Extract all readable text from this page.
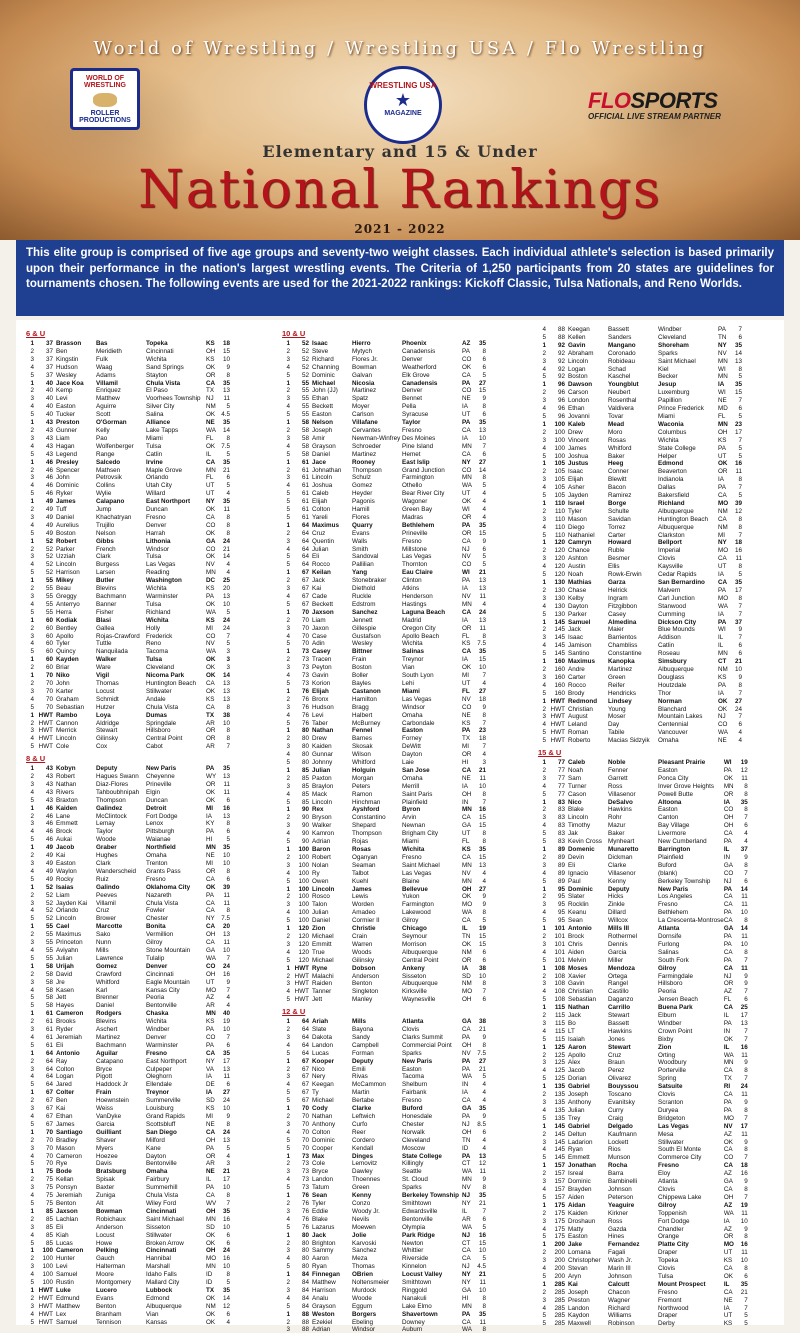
World of Wrestling / Wrestling USA / Flo Wrestling
WORLD OF WRESTLING
ROLLER PRODUCTIONS
WRESTLING USA
★
MAGAZINE
FLOSPORTS
OFFICIAL LIVE STREAM PARTNER
Elementary and 15 & Under
National Rankings
2021 - 2022

This elite group is comprised of five age groups and seventy-two weight classes. Each individual athlete's selection is based primarily upon their performance in the nation's largest wrestling events. The Criteria of 1,250 participants from 20 states are guidelines for tournaments chosen. The following events are used for the 2021-2022 rankings: Kickoff Classic, Tulsa Nationals, and Reno Worlds.

6 & U
1	37	Brasson	Bas	Topeka	KS	18
2	37	Ben	Meridieth	Cincinnati	OH	15
3	37	Kingstin	Fulk	Wichita	KS	10
4	37	Hudson	Waag	Sand Springs	OK	9
5	37	Wesley	Adams	Stayton	OR	8
1	40	Jace Koa	Villamil	Chula Vista	CA	35
2	40	Kemp	Enriquez	El Paso	TX	13
3	40	Levi	Matthew	Voorhees Township	NJ	11
4	40	Easton	Aguirre	Silver City	NM	5
5	40	Tucker	Scott	Salina	OK	4.5
1	43	Preston	O'Gorman	Alliance	NE	35
2	43	Gunner	Kelly	Lake Tapps	WA	14
3	43	Liam	Pao	Miami	FL	8
4	43	Hagan	Wolfenberger	Tulsa	OK	7.5
5	43	Legend	Range	Catlin	IL	5
1	46	Presley	Salcedo	Irvine	CA	35
2	46	Spencer	Mathsen	Maple Grove	MN	21
3	46	John	Petrovsik	Orlando	FL	6
4	46	Dominic	Collins	Utah City	UT	5
5	46	Ryker	Wylie	Willard	UT	4
1	49	James	Calapano	East Northport	NY	35
2	49	Tuff	Jump	Duncan	OK	11
3	49	Daniel	Khachatryan	Fresno	CA	8
4	49	Aurelius	Trujillo	Denver	CO	8
5	49	Boston	Nelson	Harrah	OK	8
1	52	Robert	Gibbs	Lithonia	GA	24
2	52	Parker	French	Windsor	CO	21
3	52	Uzziah	Clark	Tulsa	OK	14
4	52	Lincoln	Burgess	Las Vegas	NV	4
5	52	Harrison	Larsen	Reading	MN	4
1	55	Mikey	Butler	Washington	DC	25
2	55	Beau	Blevins	Wichita	KS	20
3	55	Greggy	Bachmann	Warminster	PA	13
4	55	Anterryo	Banner	Tulsa	OK	10
5	55	Herra	Fisher	Richland	WA	5
1	60	Kodiak	Blasi	Wichita	KS	24
2	60	Bentley	Gallea	Holly	MI	24
3	60	Apollo	Rojas-Crawford	Frederick	CO	7
4	60	Tyler	Tuttle	Reno	NV	5
5	60	Quincy	Nanquilada	Tacoma	WA	3
1	60	Kayden	Walker	Tulsa	OK	3
2	60	Briar	Ware	Cleveland	OK	3
1	70	Niko	Vigil	Nicoma Park	OK	14
2	70	John	Thomas	Huntington Beach	CA	13
3	70	Karter	Locust	Stillwater	OK	13
4	70	Graham	Schmidt	Andale	KS	13
5	70	Sebastian	Hutzer	Chula Vista	CA	8
1	HWT	Rambo	Loya	Dumas	TX	38
2	HWT	Cannon	Aldridge	Springdale	AR	10
3	HWT	Merrick	Stewart	Hillsboro	OR	8
4	HWT	Lincoln	Gilinsky	Central Point	OR	8
5	HWT	Cole	Cox	Cabot	AR	7
8 & U
1	43	Kobyn	Deputy	New Paris	PA	35
2	43	Robert	Hagues Swann	Cheyenne	WY	13
3	43	Nathan	Diaz-Flores	Prineville	OR	11
4	43	Rivers	Tahboubhnipah	Elgin	OK	11
5	43	Braxton	Thompson	Duncan	OK	6
1	46	Kaiden	Galindez	Detroit	MI	16
2	46	Lane	McClintock	Fort Dodge	IA	13
3	46	Emmett	Lemay	Lenox	KY	8
4	46	Brock	Taylor	Pittsburgh	PA	6
5	46	Aukai	Woode	Waianae	HI	5
1	49	Jacob	Graber	Northfield	MN	35
2	49	Kai	Hughes	Omaha	NE	10
3	49	Easton	Clark	Trenton	MI	10
4	49	Waylon	Wanderscheid	Grants Pass	OR	8
5	49	Rocky	Ruiz	Fresno	CA	6
1	52	Isaias	Galindo	Oklahoma City	OK	39
2	52	Liam	Peeves	Nazareth	PA	11
3	52	Jayden Kai	Villamil	Chula Vista	CA	11
4	52	Orlando	Cruz	Fowler	CA	8
5	52	Lincoln	Brower	Chester	NY	7.5
1	55	Cael	Marcotte	Bonita	CA	20
2	55	Maximus	Sako	Vermillion	OH	13
3	55	Princeton	Nunn	Gilroy	CA	11
4	55	Aviyahn	Mills	Stone Mountain	GA	10
5	55	Julian	Lawrence	Tulalip	WA	7
1	58	Urijah	Gomez	Denver	CO	24
2	58	David	Crawford	Cincinnati	OH	16
3	58	Jre	Whitford	Eagle Mountain	UT	9
4	58	Kasen	Karl	Kansas City	MO	7
5	58	Jett	Brenner	Peoria	AZ	4
5	58	Hayes	Daniel	Bentonville	AR	4
1	61	Cameron	Rodgers	Chaska	MN	40
2	61	Brooks	Blevins	Wichita	KS	19
3	61	Ryder	Aschert	Windber	PA	10
4	61	Jeremiah	Martinez	Denver	CO	7
5	61	Eli	Bachmann	Warminster	PA	6
1	64	Antonio	Aguilar	Fresno	CA	35
2	64	Ray	Catapano	East Northport	NY	17
3	64	Colton	Bryce	Culpeper	VA	13
4	64	Logan	Pigott	Oleghorn	IA	11
5	64	Jared	Haddock Jr	Ellendale	DE	6
1	67	Colter	Frain	Treynor	IA	27
2	67	Ben	Hoewnstein	Summerville	SD	24
3	67	Kai	Weiss	Louisburg	KS	10
4	67	Ethan	VanDyke	Grand Rapids	MI	9
5	67	James	Garcia	Scottsbluff	NE	8
1	70	Santiago	Guilliant	San Diego	CA	24
2	70	Bradley	Shaver	Milford	OH	13
3	70	Mason	Myers	Kane	PA	5
4	70	Cameron	Hoezee	Dayton	OR	4
5	70	Rye	Davis	Bentonville	AR	3
1	75	Bode	Bratsburg	Omaha	NE	21
2	75	Kellan	Spisak	Fairbury	IL	17
3	75	Ponsyn	Baxter	Summerhill	PA	10
4	75	Jeremiah	Zuniga	Chula Vista	CA	8
5	75	Benton	Alt	Wiley Ford	WV	7
1	85	Jaxson	Bowman	Cincinnati	OH	35
2	85	Lachlan	Robichaux	Saint Michael	MN	16
3	85	Eli	Anderson	Sisseton	SD	10
4	85	Kiah	Locust	Stillwater	OK	6
5	85	Lucas	Howe	Broken Arrow	OK	6
1	100	Cameron	Pelking	Cincinnati	OH	24
2	100	Hunter	Gauch	Hannibal	MO	16
3	100	Levi	Halterman	Marshall	MN	10
4	100	Samuel	Moore	Idaho Falls	ID	8
5	100	Rustin	Montgomery	Mallard City	ID	5
1	HWT	Luke	Lucero	Lubbock	TX	35
2	HWT	Edmund	Evans	Edmond	OK	14
3	HWT	Matthew	Benton	Albuquerque	NM	12
4	HWT	Lex	Branham	Vian	OK	6
5	HWT	Samuel	Tennison	Kansas	OK	4
10 & U
1	52	Isaac	Hierro	Phoenix	AZ	35
2	52	Steve	Mytych	Canadensis	PA	8
3	52	Richard	Flores Jr.	Denver	CO	6
4	52	Channing	Bowman	Weatherford	OK	6
5	52	Dominic	Galvan	Elk Grove	CA	5
1	55	Michael	Nicosia	Canadensis	PA	27
2	55	John (JJ)	Martinez	Denver	CO	15
3	55	Ethan	Spatz	Bennet	NE	9
4	55	Beckett	Moyer	Pella	IA	8
5	55	Easton	Carlson	Syracuse	UT	6
1	58	Nelson	Villafane	Taylor	PA	35
2	58	Joseph	Cervantes	Fresno	CA	13
3	58	Amir	Newman-Winfrey	Des Moines	IA	10
4	58	Grayson	Schroeder	Pine Island	MN	7
5	58	Daniel	Martinez	Hemet	CA	6
1	61	Jace	Rooney	East Islip	NY	27
2	61	Johnathan	Thompson	Grand Junction	CO	14
3	61	Lincoln	Schulz	Farmington	MN	8
4	61	Joshua	Gomez	Othello	WA	5
5	61	Caleb	Heyder	Bear River City	UT	4
5	61	Elijah	Pagonis	Wagoner	OK	4
5	61	Colton	Hamill	Green Bay	WI	4
5	61	Yareli	Flores	Madras	OR	4
1	64	Maximus	Quarry	Bethlehem	PA	35
2	64	Cruz	Evans	Prineville	OR	15
3	64	Quentin	Walls	Fresno	CA	9
4	64	Julian	Smith	Millstone	NJ	6
5	64	Eli	Sandoval	Las Vegas	NV	5
5	64	Rocco	Pallilian	Thornton	CO	5
1	67	Keilan	Yang	Eau Claire	WI	21
2	67	Jack	Stonebraker	Clinton	PA	13
3	67	Kai	Diethold	Atkins	IA	13
4	67	Cade	Ruckle	Henderson	NV	11
5	67	Beckett	Edstrom	Hastings	MN	4
1	70	Jaxson	Sanchez	Laguna Beach	CA	24
2	70	Liam	Jennett	Madrid	IA	13
3	70	Jaxon	Gillespie	Oregon City	OR	11
4	70	Case	Gustafson	Apollo Beach	FL	8
5	70	Adin	Wesley	Wichita	KS	7.5
1	73	Casey	Bittner	Salinas	CA	35
2	73	Tracen	Frain	Treynor	IA	15
3	73	Peyton	Boston	Vian	OK	10
4	73	Gavin	Boller	South Lyon	MI	7
5	73	Korion	Bayles	Lehi	UT	4
1	76	Elijah	Castanon	Miami	FL	27
2	76	Bronx	Hamilton	Las Vegas	NV	18
3	76	Hudson	Bragg	Windsor	CO	9
4	76	Levi	Halbert	Omaha	NE	8
5	76	Taber	McBurney	Carbondale	KS	7
1	80	Nathan	Fennel	Easton	PA	23
2	80	Drew	Barnes	Forney	TX	18
3	80	Kaiden	Skosak	DeWitt	MI	7
4	80	Gunnar	Wilson	Dayton	OR	4
5	80	Johnny	Whitford	Laie	HI	3
1	85	Julian	Holguin	San Jose	CA	21
2	85	Paxton	Morgan	Omaha	NE	11
3	85	Braylon	Peters	Merrill	IA	10
4	85	Mack	Ramon	Saint Paris	OH	8
5	85	Lincoln	Hinchman	Plainfield	IN	7
1	90	Rex	Ayshford	Byron	MN	16
2	90	Bryson	Constantino	Arvin	CA	15
3	90	Walker	Shepard	Newnan	GA	15
4	90	Kamron	Thompson	Brigham City	UT	8
5	90	Adrian	Rojas	Miami	FL	8
1	100	Baron	Rosas	Wichita	KS	35
2	100	Robert	Oganyan	Fresno	CA	15
3	100	Nolan	Seaman	Saint Michael	MN	13
4	100	Ry	Talbot	Las Vegas	NV	4
5	100	Owen	Kuehl	Blaine	MN	4
1	100	Lincoln	James	Bellevue	OH	27
2	100	Rosco	Lewis	Yukon	OK	9
3	100	Talon	Worden	Farmington	MO	9
4	100	Julian	Amadeo	Lakewood	WA	8
5	100	Daniel	Cormier II	Gilroy	CA	5
1	120	Zion	Christie	Chicago	IL	19
2	120	Michael	Crain	Seymour	TN	15
3	120	Emmitt	Warren	Morrison	OK	15
4	120	True	Woods	Albuquerque	NM	6
5	120	Michael	Gilinsky	Central Point	OR	6
1	HWT	Ryne	Dobson	Ankeny	IA	38
2	HWT	Malachi	Anderson	Sisseton	SD	10
3	HWT	Raiden	Benton	Albuquerque	NM	8
4	HWT	Tanner	Singleton	Kirksville	MO	7
5	HWT	Jett	Manley	Waynesville	OH	6
12 & U
1	64	Ariah	Mills	Atlanta	GA	38
2	64	Slate	Bayona	Clovis	CA	21
3	64	Dakota	Sandy	Clarks Summit	PA	9
4	64	Landon	Campbell	Commercial Point	OH	8
5	64	Lucas	Forman	Sparks	NV	7.5
1	67	Kooper	Deputy	New Paris	PA	27
2	67	Nico	Emili	Easton	PA	21
3	67	Nery	Rivas	Tacoma	WA	5
4	67	Keegan	McCammon	Shelburn	IN	4
5	67	Ty	Martin	Fairbank	IA	4
5	67	Michael	Bertabe	Fresno	CA	4
1	70	Cody	Clarke	Buford	GA	35
2	70	Nathan	Leftwich	Honesdale	PA	9
3	70	Anthony	Curfo	Chester	NJ	8.5
4	70	Colton	Reer	Norwalk	OH	6
5	70	Dominic	Cordero	Cleveland	TN	4
5	70	Cooper	Kendall	Moscow	ID	4
1	73	Max	Dinges	State College	PA	13
2	73	Cole	Lemovitz	Killingly	CT	12
3	73	Bryce	Dawley	Seattle	WA	11
4	73	Landon	Thoennes	St. Cloud	MN	9
5	73	Tatum	Green	Sparks	NV	8
1	76	Sean	Kenny	Berkeley Township	NJ	35
2	76	Tyler	Conzo	Smithtown	NY	21
3	76	Eddie	Woody Jr.	Edwardsville	IL	7
4	76	Blake	Nevils	Bentonville	AR	6
5	76	Lazarus	Moewen	Olympia	WA	5
1	80	Jack	Jolie	Park Ridge	NJ	16
2	80	Brighton	Karvoski	Newton	CT	15
3	80	Sammy	Sanchez	Whittier	CA	10
4	80	Aaron	Meza	Riverside	CA	5
5	80	Ryan	Thomas	Kinnelon	NJ	4.5
1	84	Finnegan	OBrien	Locust Valley	NY	21
2	84	Matthew	Noltensmeier	Smithtown	NY	11
3	84	Harrison	Murdock	Ringgold	GA	10
4	84	Analu	Woode	Nanakuli	HI	8
5	84	Grayson	Eggum	Lake Elmo	MN	8
1	88	Weston	Borgers	Shavertown	PA	35
2	88	Ezekiel	Ebeling	Downey	CA	11
3	88	Adrian	Windsor	Auburn	WA	8
4	88	Keegan	Bassett	Windber	PA	7
5	88	Kellen	Sanders	Cleveland	TN	6
1	92	Gavin	Mangano	Shoreham	NY	35
2	92	Abraham	Coronado	Sparks	NV	14
3	92	Lincoln	Robideau	Saint Michael	MN	13
4	92	Logan	Schad	Kiel	WI	8
5	92	Boston	Kaschel	Becker	MN	5
1	96	Dawson	Youngblut	Jesup	IA	35
2	96	Carson	Neubert	Luxemburg	WI	15
3	96	London	Rosenthal	Papillion	NE	7
4	96	Ethan	Valdivera	Prince Frederick	MD	6
5	96	Jovanni	Tovar	Miami	FL	5
1	100	Kaleb	Mead	Waconia	MN	23
2	100	Drew	Moro	Columbus	OH	17
3	100	Vincent	Rosas	Wichita	KS	7
4	100	James	Whitford	State College	PA	5
5	100	Joshua	Baker	Helper	UT	5
1	105	Justus	Heeg	Edmond	OK	16
2	105	Isaac	Conner	Beaverton	OR	11
3	105	Elijah	Blewitt	Indianola	IA	8
4	105	Asher	Bacon	Dallas	PA	7
5	105	Jayden	Ramirez	Bakersfield	CA	5
1	110	Israel	Borge	Richland	MO	39
2	110	Tyler	Schulte	Albuquerque	NM	12
3	110	Mason	Savidan	Huntington Beach	CA	8
4	110	Diego	Torrez	Albuquerque	NM	8
5	110	Nathaniel	Carter	Clarkston	MI	7
1	120	Camryn	Howard	Bellport	NY	18
2	120	Chance	Ruble	Imperial	MO	16
3	120	Ashton	Besmer	Clovis	CA	11
4	120	Austin	Ellis	Kaysville	UT	8
5	120	Noah	Rowk-Erwin	Cedar Rapids	IA	5
1	130	Mathias	Garza	San Bernardino	CA	35
2	130	Chase	Helrick	Malvern	PA	17
3	130	Kelby	Ingram	Carl Junction	MO	8
4	130	Dayton	Fitzgibbon	Stanwood	WA	7
5	130	Parker	Casey	Cumming	IA	7
1	145	Samuel	Almedina	Dickson City	PA	37
2	145	Jack	Maier	Blue Mounds	WI	9
3	145	Isaac	Barrientos	Addison	IL	7
4	145	Jamison	Chambliss	Catlin	IL	6
5	145	Santino	Constantine	Roseau	MN	6
1	160	Maximus	Kanopka	Simsbury	CT	21
2	160	Andre	Martinez	Albuquerque	NM	10
3	160	Carter	Green	Douglass	KS	9
4	160	Rocco	Reifer	Houtzdale	PA	8
5	160	Brody	Hendricks	Thor	IA	7
1	HWT	Redmond	Lindsey	Norman	OK	27
2	HWT	Christian	Young	Blanchard	OK	24
3	HWT	August	Moser	Mountain Lakes	NJ	7
4	HWT	Leland	Day	Centennial	CO	6
5	HWT	Roman	Tabile	Vancouver	WA	4
5	HWT	Roberto	Macias Sidzyik	Omaha	NE	4
15 & U
1	77	Caleb	Noble	Pleasant Prairie	WI	19
2	77	Noah	Fenner	Easton	PA	12
3	77	Sam	Garrett	Ponca City	OK	11
4	77	Turner	Ross	Inver Grove Heights	MN	8
5	77	Cason	Villasenor	Powell Butte	OR	8
1	83	Nico	DeSalvo	Altoona	IA	35
2	83	Blake	Hawkins	Easton	CO	8
3	83	Lincoln	Rohr	Canton	OH	7
4	83	Timothy	Mazur	Bay Village	OH	6
5	83	Jak	Baker	Livermore	CA	4
5	83	Kevin Cross	Mynheart	New Cumberland	PA	4
1	89	Domenic	Munaretto	Barrington	IL	37
2	89	Devin	Dickman	Plainfield	IN	9
3	89	Eli	Clarke	Buford	GA	8
4	89	Ignacio	Villasenor	(blank)	CO	7
5	89	Paul	Kenny	Berkeley Township	NJ	6
1	95	Dominic	Deputy	New Paris	PA	14
2	95	Slater	Hicks	Los Angeles	CA	11
3	95	Rocklin	Zinkle	Fresno	CA	11
4	95	Keanu	Dillard	Bethlehem	PA	10
5	95	Sean	Willcox	La Crescenta-Montrose	CA	8
1	101	Antonio	Mills III	Atlanta	GA	14
2	101	Brock	Rothermel	Dornsife	PA	11
3	101	Chris	Dennis	Furlong	PA	10
4	101	Aiden	Garcia	Salinas	CA	8
5	101	Melvin	Miller	South Fork	PA	7
1	108	Moses	Mendoza	Gilroy	CA	11
2	108	Xavier	Ortega	Farmingdale	NJ	9
3	108	Gavin	Rangel	Hillsboro	OR	9
4	108	Christian	Castillo	Peoria	AZ	7
5	108	Sebastian	Daganzo	Jensen Beach	FL	6
1	115	Nathan	Carrillo	Buena Park	CA	25
2	115	Jack	Stewart	Elburn	IL	17
3	115	Bo	Bassett	Windber	PA	13
4	115	LT	Hawkins	Crown Point	IN	7
5	115	Isaiah	Jones	Bixby	OK	7
1	125	Aaron	Stewart	Zion	IL	16
2	125	Apollo	Cruz	Orting	WA	11
3	125	Alex	Braun	Woodbury	MN	9
4	125	Jacob	Perez	Porterville	CA	8
5	125	Dorian	Olivarez	Spring	TX	7
1	135	Gabriel	Bouyssou	Satsuite	RI	24
2	135	Joseph	Toscano	Clovis	CA	11
3	135	Anthony	Evanitsky	Scranton	PA	9
4	135	Julian	Curry	Duryea	PA	8
5	135	Trey	Craig	Bridgeton	MO	7
1	145	Gabriel	Delgado	Las Vegas	NV	17
2	145	Deltun	Kaufmann	Mesa	AZ	11
3	145	Ladarion	Lockett	Stillwater	OK	9
4	145	Ryan	Rios	South El Monte	CA	8
5	145	Emmett	Munson	Commerce City	CO	7
1	157	Jonathan	Rocha	Fresno	CA	18
2	157	Isreal	Barra	Eloy	AZ	16
3	157	Dominic	Bambinelli	Atlanta	GA	9
4	157	Brayden	Johnson	Clovis	CA	8
5	157	Aiden	Peterson	Chippewa Lake	OH	7
1	175	Aidan	Yeaguire	Gilroy	AZ	19
2	175	Kaiden	Kirkner	Toppenish	WA	11
3	175	Droshaun	Ross	Fort Dodge	IA	10
4	175	Matty	Gazda	Chandler	AZ	9
5	175	Easton	Hines	Orange	OR	8
1	200	Jake	Fernandez	Platte City	MO	16
2	200	Lomana	Fagali	Draper	UT	11
3	200	Christopher	Wash Jr.	Topeka	KS	10
4	200	Stevan	Marin III	Clovis	CA	8
5	200	Aryn	Johnson	Tulsa	OK	6
1	285	Kai	Calcutt	Mount Prospect	IL	35
2	285	Joseph	Chacon	Fresno	CA	21
3	285	Preston	Wagner	Fremont	NE	7
4	285	Landon	Richard	Northwood	IA	7
5	285	Kaydon	Williams	Draper	UT	5
5	285	Maxwell	Robinson	Derby	KS	5
